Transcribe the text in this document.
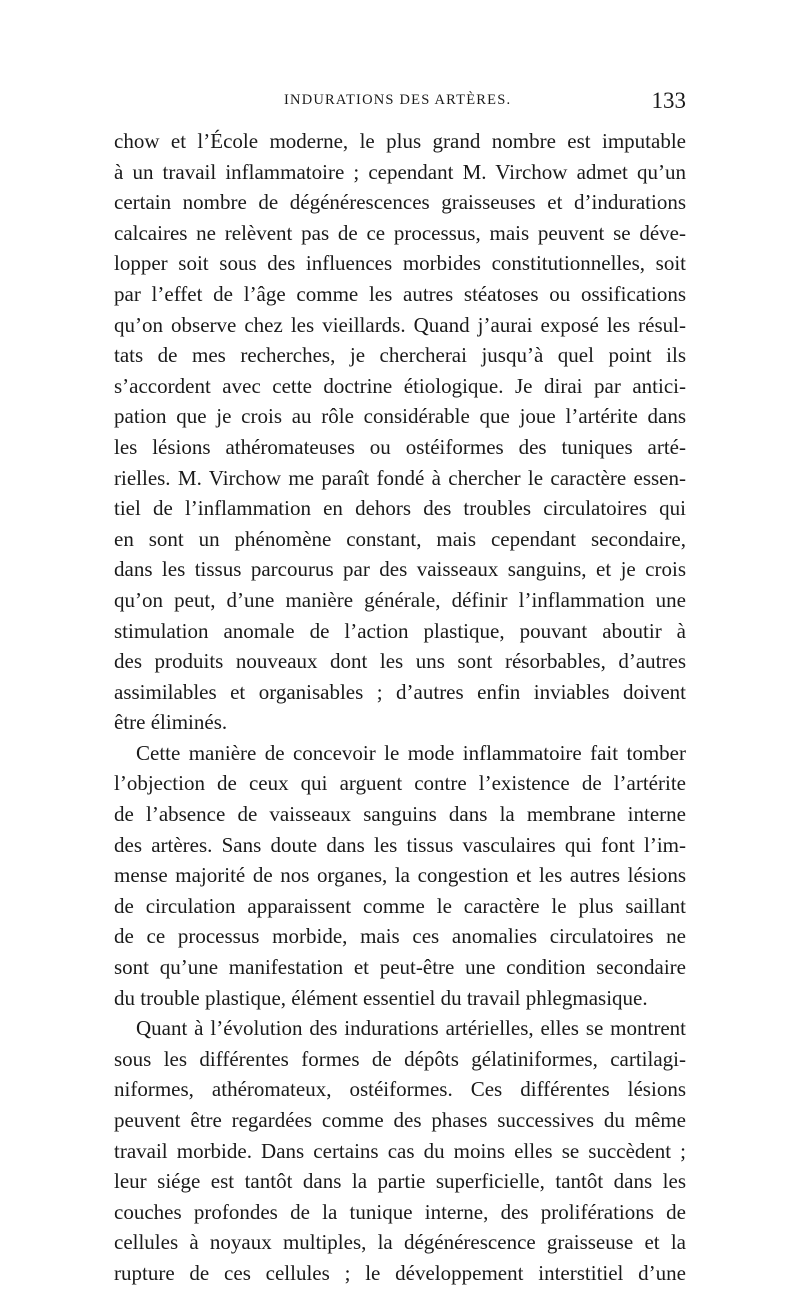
INDURATIONS DES ARTÈRES.	133
chow et l’École moderne, le plus grand nombre est imputable
à un travail inflammatoire ; cependant M. Virchow admet qu’un
certain nombre de dégénérescences graisseuses et d’indurations
calcaires ne relèvent pas de ce processus, mais peuvent se déve-
lopper soit sous des influences morbides constitutionnelles, soit
par l’effet de l’âge comme les autres stéatoses ou ossifications
qu’on observe chez les vieillards. Quand j’aurai exposé les résul-
tats de mes recherches, je chercherai jusqu’à quel point ils
s’accordent avec cette doctrine étiologique. Je dirai par antici-
pation que je crois au rôle considérable que joue l’artérite dans
les lésions athéromateuses ou ostéiformes des tuniques arté-
rielles. M. Virchow me paraît fondé à chercher le caractère essen-
tiel de l’inflammation en dehors des troubles circulatoires qui
en sont un phénomène constant, mais cependant secondaire,
dans les tissus parcourus par des vaisseaux sanguins, et je crois
qu’on peut, d’une manière générale, définir l’inflammation une
stimulation anomale de l’action plastique, pouvant aboutir à
des produits nouveaux dont les uns sont résorbables, d’autres
assimilables et organisables ; d’autres enfin inviables doivent
être éliminés.
Cette manière de concevoir le mode inflammatoire fait tomber
l’objection de ceux qui arguent contre l’existence de l’artérite
de l’absence de vaisseaux sanguins dans la membrane interne
des artères. Sans doute dans les tissus vasculaires qui font l’im-
mense majorité de nos organes, la congestion et les autres lésions
de circulation apparaissent comme le caractère le plus saillant
de ce processus morbide, mais ces anomalies circulatoires ne
sont qu’une manifestation et peut-être une condition secondaire
du trouble plastique, élément essentiel du travail phlegmasique.
Quant à l’évolution des indurations artérielles, elles se montrent
sous les différentes formes de dépôts gélatiniformes, cartilagi-
niformes, athéromateux, ostéiformes. Ces différentes lésions
peuvent être regardées comme des phases successives du même
travail morbide. Dans certains cas du moins elles se succèdent ;
leur siége est tantôt dans la partie superficielle, tantôt dans les
couches profondes de la tunique interne, des proliférations de
cellules à noyaux multiples, la dégénérescence graisseuse et la
rupture de ces cellules ; le développement interstitiel d’une
